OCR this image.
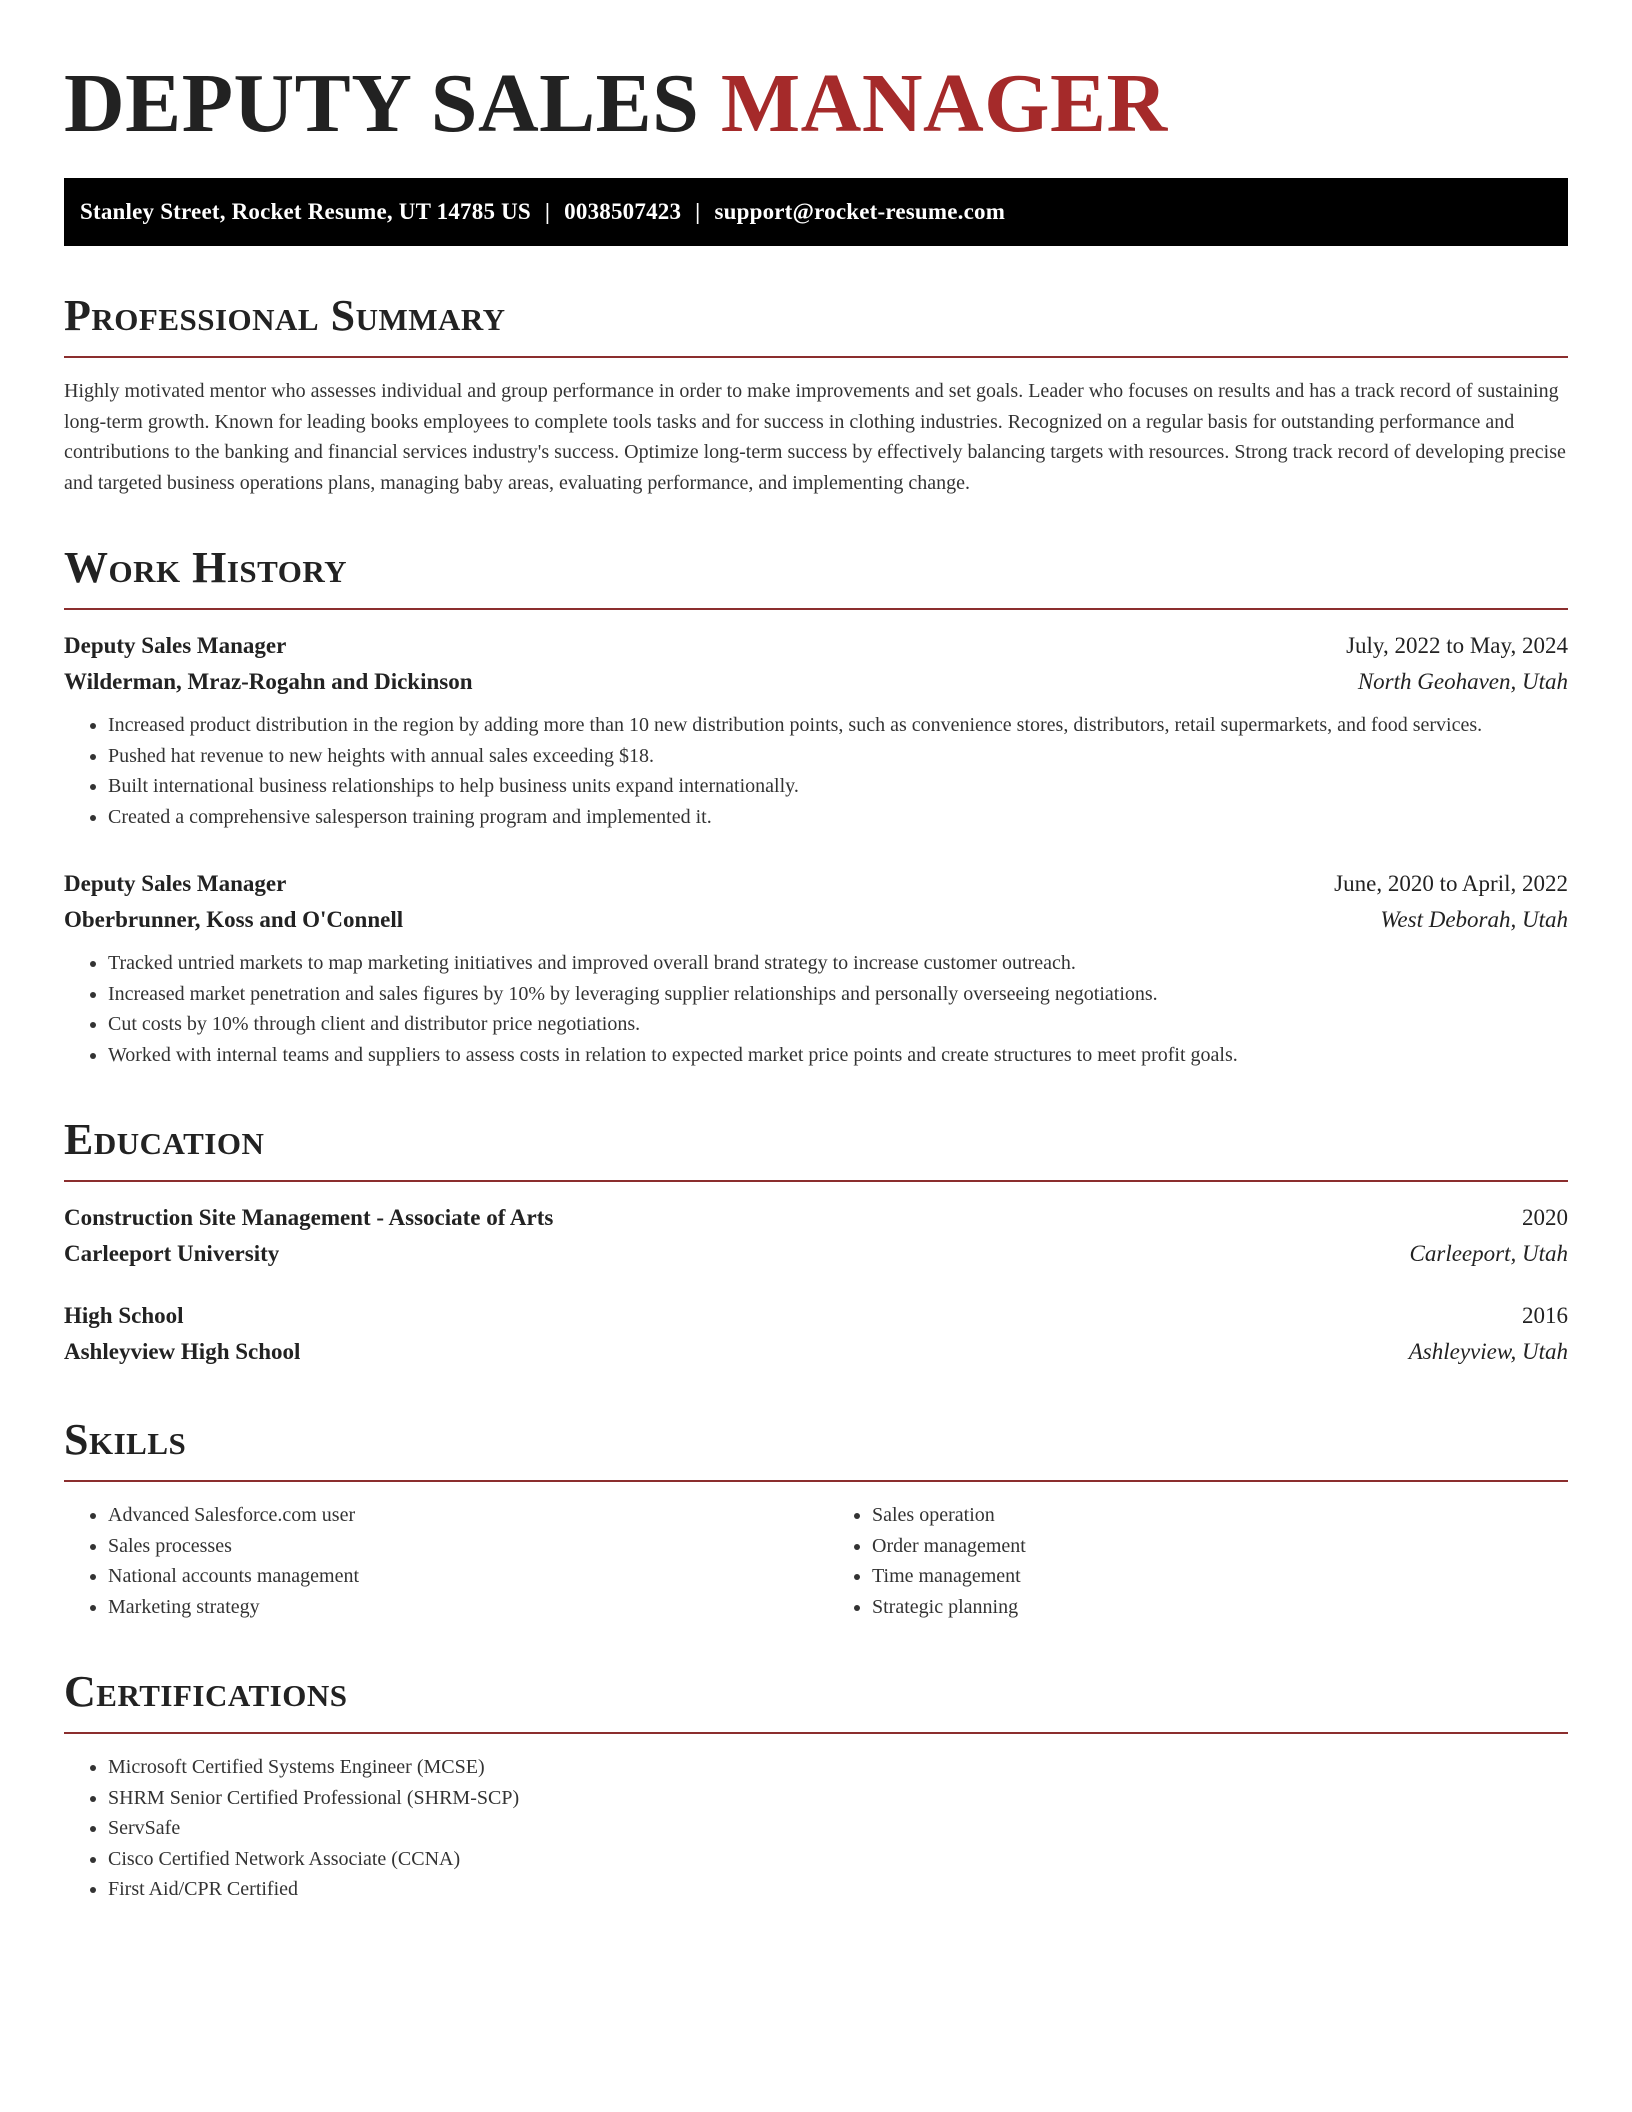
DEPUTY SALES MANAGER
Stanley Street, Rocket Resume, UT 14785 US | 0038507423 | support@rocket-resume.com
Professional Summary

Highly motivated mentor who assesses individual and group performance in order to make improvements and set goals. Leader who focuses on results and has a track record of sustaining long-term growth. Known for leading books employees to complete tools tasks and for success in clothing industries. Recognized on a regular basis for outstanding performance and contributions to the banking and financial services industry's success. Optimize long-term success by effectively balancing targets with resources. Strong track record of developing precise and targeted business operations plans, managing baby areas, evaluating performance, and implementing change.

Work History
Deputy Sales Manager	July, 2022 to May, 2024
Wilderman, Mraz-Rogahn and Dickinson	North Geohaven, Utah
• Increased product distribution in the region by adding more than 10 new distribution points, such as convenience stores, distributors, retail supermarkets, and food services.
• Pushed hat revenue to new heights with annual sales exceeding $18.
• Built international business relationships to help business units expand internationally.
• Created a comprehensive salesperson training program and implemented it.
Deputy Sales Manager	June, 2020 to April, 2022
Oberbrunner, Koss and O'Connell	West Deborah, Utah
• Tracked untried markets to map marketing initiatives and improved overall brand strategy to increase customer outreach.
• Increased market penetration and sales figures by 10% by leveraging supplier relationships and personally overseeing negotiations.
• Cut costs by 10% through client and distributor price negotiations.
• Worked with internal teams and suppliers to assess costs in relation to expected market price points and create structures to meet profit goals.
Education
Construction Site Management - Associate of Arts	2020
Carleeport University	Carleeport, Utah
High School	2016
Ashleyview High School	Ashleyview, Utah
Skills
• Advanced Salesforce.com user
• Sales processes
• National accounts management
• Marketing strategy
• Sales operation
• Order management
• Time management
• Strategic planning
Certifications
• Microsoft Certified Systems Engineer (MCSE)
• SHRM Senior Certified Professional (SHRM-SCP)
• ServSafe
• Cisco Certified Network Associate (CCNA)
• First Aid/CPR Certified
